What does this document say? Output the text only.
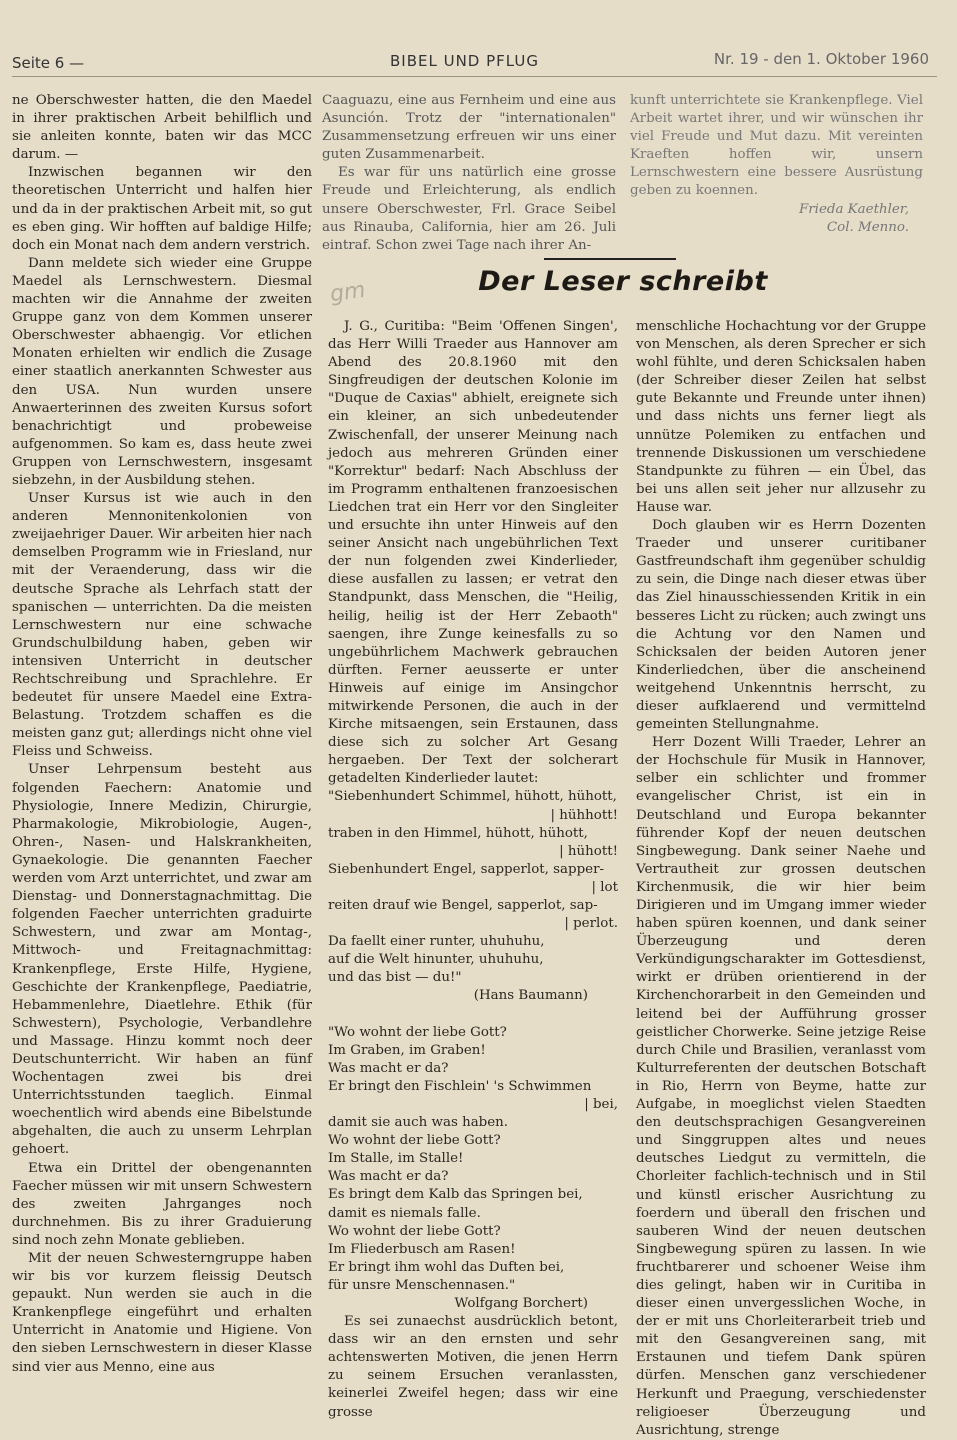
Seite 6 —	BIBEL UND PFLUG	Nr. 19 - den 1. Oktober 1960

ne Oberschwester hatten, die den Maedel in ihrer praktischen Arbeit behilflich und sie anleiten konnte, baten wir das MCC darum. —

Inzwischen begannen wir den theoretischen Unterricht und halfen hier und da in der praktischen Arbeit mit, so gut es eben ging. Wir hofften auf baldige Hilfe; doch ein Monat nach dem andern verstrich.

Dann meldete sich wieder eine Gruppe Maedel als Lernschwestern. Diesmal machten wir die Annahme der zweiten Gruppe ganz von dem Kommen unserer Oberschwester abhaengig. Vor etlichen Monaten erhielten wir endlich die Zusage einer staatlich anerkannten Schwester aus den USA. Nun wurden unsere Anwaerterinnen des zweiten Kursus sofort benachrichtigt und probeweise aufgenommen. So kam es, dass heute zwei Gruppen von Lernschwestern, insgesamt siebzehn, in der Ausbildung stehen.

Unser Kursus ist wie auch in den anderen Mennonitenkolonien von zweijaehriger Dauer. Wir arbeiten hier nach demselben Programm wie in Friesland, nur mit der Veraenderung, dass wir die deutsche Sprache als Lehrfach statt der spanischen — unterrichten. Da die meisten Lernschwestern nur eine schwache Grundschulbildung haben, geben wir intensiven Unterricht in deutscher Rechtschreibung und Sprachlehre. Er bedeutet für unsere Maedel eine Extra-Belastung. Trotzdem schaffen es die meisten ganz gut; allerdings nicht ohne viel Fleiss und Schweiss.

Unser Lehrpensum besteht aus folgenden Faechern: Anatomie und Physiologie, Innere Medizin, Chirurgie, Pharmakologie, Mikrobiologie, Augen-, Ohren-, Nasen- und Halskrankheiten, Gynaekologie. Die genannten Faecher werden vom Arzt unterrichtet, und zwar am Dienstag- und Donnerstagnachmittag. Die folgenden Faecher unterrichten graduirte Schwestern, und zwar am Montag-, Mittwoch- und Freitagnachmittag: Krankenpflege, Erste Hilfe, Hygiene, Geschichte der Krankenpflege, Paediatrie, Hebammenlehre, Diaetlehre. Ethik (für Schwestern), Psychologie, Verbandlehre und Massage. Hinzu kommt noch deer Deutschunterricht. Wir haben an fünf Wochentagen zwei bis drei Unterrichtsstunden taeglich. Einmal woechentlich wird abends eine Bibelstunde abgehalten, die auch zu unserm Lehrplan gehoert.

Etwa ein Drittel der obengenannten Faecher müssen wir mit unsern Schwestern des zweiten Jahrganges noch durchnehmen. Bis zu ihrer Graduierung sind noch zehn Monate geblieben.

Mit der neuen Schwesterngruppe haben wir bis vor kurzem fleissig Deutsch gepaukt. Nun werden sie auch in die Krankenpflege eingeführt und erhalten Unterricht in Anatomie und Higiene. Von den sieben Lernschwestern in dieser Klasse sind vier aus Menno, eine aus

Caaguazu, eine aus Fernheim und eine aus Asunción. Trotz der "internationalen" Zusammensetzung erfreuen wir uns einer guten Zusammenarbeit.

Es war für uns natürlich eine grosse Freude und Erleichterung, als endlich unsere Oberschwester, Frl. Grace Seibel aus Rinauba, California, hier am 26. Juli eintraf. Schon zwei Tage nach ihrer An-

kunft unterrichtete sie Krankenpflege. Viel Arbeit wartet ihrer, und wir wünschen ihr viel Freude und Mut dazu. Mit vereinten Kraeften hoffen wir, unsern Lernschwestern eine bessere Ausrüstung geben zu koennen.

Frieda Kaethler,

Col. Menno.

gm	Der Leser schreibt

J. G., Curitiba: "Beim 'Offenen Singen', das Herr Willi Traeder aus Hannover am Abend des 20.8.1960 mit den Singfreudigen der deutschen Kolonie im "Duque de Caxias" abhielt, ereignete sich ein kleiner, an sich unbedeutender Zwischenfall, der unserer Meinung nach jedoch aus mehreren Gründen einer "Korrektur" bedarf: Nach Abschluss der im Programm enthaltenen franzoesischen Liedchen trat ein Herr vor den Singleiter und ersuchte ihn unter Hinweis auf den seiner Ansicht nach ungebührlichen Text der nun folgenden zwei Kinderlieder, diese ausfallen zu lassen; er vetrat den Standpunkt, dass Menschen, die "Heilig, heilig, heilig ist der Herr Zebaoth" saengen, ihre Zunge keinesfalls zu so ungebührlichem Machwerk gebrauchen dürften. Ferner aeusserte er unter Hinweis auf einige im Ansingchor mitwirkende Personen, die auch in der Kirche mitsaengen, sein Erstaunen, dass diese sich zu solcher Art Gesang hergaeben. Der Text der solcherart getadelten Kinderlieder lautet:

"Siebenhundert Schimmel, hühott, hühott,
| hühhott!
traben in den Himmel, hühott, hühott,
| hühott!
Siebenhundert Engel, sapperlot, sapper-
| lot
reiten drauf wie Bengel, sapperlot, sap-
| perlot.
Da faellt einer runter, uhuhuhu,
auf die Welt hinunter, uhuhuhu,
und das bist — du!"
(Hans Baumann)
"Wo wohnt der liebe Gott?
Im Graben, im Graben!
Was macht er da?
Er bringt den Fischlein' 's Schwimmen
| bei,
damit sie auch was haben.
Wo wohnt der liebe Gott?
Im Stalle, im Stalle!
Was macht er da?
Es bringt dem Kalb das Springen bei,
damit es niemals falle.
Wo wohnt der liebe Gott?
Im Fliederbusch am Rasen!
Er bringt ihm wohl das Duften bei,
für unsre Menschennasen."
Wolfgang Borchert)

Es sei zunaechst ausdrücklich betont, dass wir an den ernsten und sehr achtenswerten Motiven, die jenen Herrn zu seinem Ersuchen veranlassten, keinerlei Zweifel hegen; dass wir eine grosse

menschliche Hochachtung vor der Gruppe von Menschen, als deren Sprecher er sich wohl fühlte, und deren Schicksalen haben (der Schreiber dieser Zeilen hat selbst gute Bekannte und Freunde unter ihnen) und dass nichts uns ferner liegt als unnütze Polemiken zu entfachen und trennende Diskussionen um verschiedene Standpunkte zu führen — ein Übel, das bei uns allen seit jeher nur allzusehr zu Hause war.

Doch glauben wir es Herrn Dozenten Traeder und unserer curitibaner Gastfreundschaft ihm gegenüber schuldig zu sein, die Dinge nach dieser etwas über das Ziel hinausschiessenden Kritik in ein besseres Licht zu rücken; auch zwingt uns die Achtung vor den Namen und Schicksalen der beiden Autoren jener Kinderliedchen, über die anscheinend weitgehend Unkenntnis herrscht, zu dieser aufklaerend und vermittelnd gemeinten Stellungnahme.

Herr Dozent Willi Traeder, Lehrer an der Hochschule für Musik in Hannover, selber ein schlichter und frommer evangelischer Christ, ist ein in Deutschland und Europa bekannter führender Kopf der neuen deutschen Singbewegung. Dank seiner Naehe und Vertrautheit zur grossen deutschen Kirchenmusik, die wir hier beim Dirigieren und im Umgang immer wieder haben spüren koennen, und dank seiner Überzeugung und deren Verkündigungscharakter im Gottesdienst, wirkt er drüben orientierend in der Kirchenchorarbeit in den Gemeinden und leitend bei der Aufführung grosser geistlicher Chorwerke. Seine jetzige Reise durch Chile und Brasilien, veranlasst vom Kulturreferenten der deutschen Botschaft in Rio, Herrn von Beyme, hatte zur Aufgabe, in moeglichst vielen Staedten den deutschsprachigen Gesangvereinen und Singgruppen altes und neues deutsches Liedgut zu vermitteln, die Chorleiter fachlich-technisch und in Stil und künstl erischer Ausrichtung zu foerdern und überall den frischen und sauberen Wind der neuen deutschen Singbewegung spüren zu lassen. In wie fruchtbarerer und schoener Weise ihm dies gelingt, haben wir in Curitiba in dieser einen unvergesslichen Woche, in der er mit uns Chorleiterarbeit trieb und mit den Gesangvereinen sang, mit Erstaunen und tiefem Dank spüren dürfen. Menschen ganz verschiedener Herkunft und Praegung, verschiedenster religioeser Überzeugung und Ausrichtung, strenge
